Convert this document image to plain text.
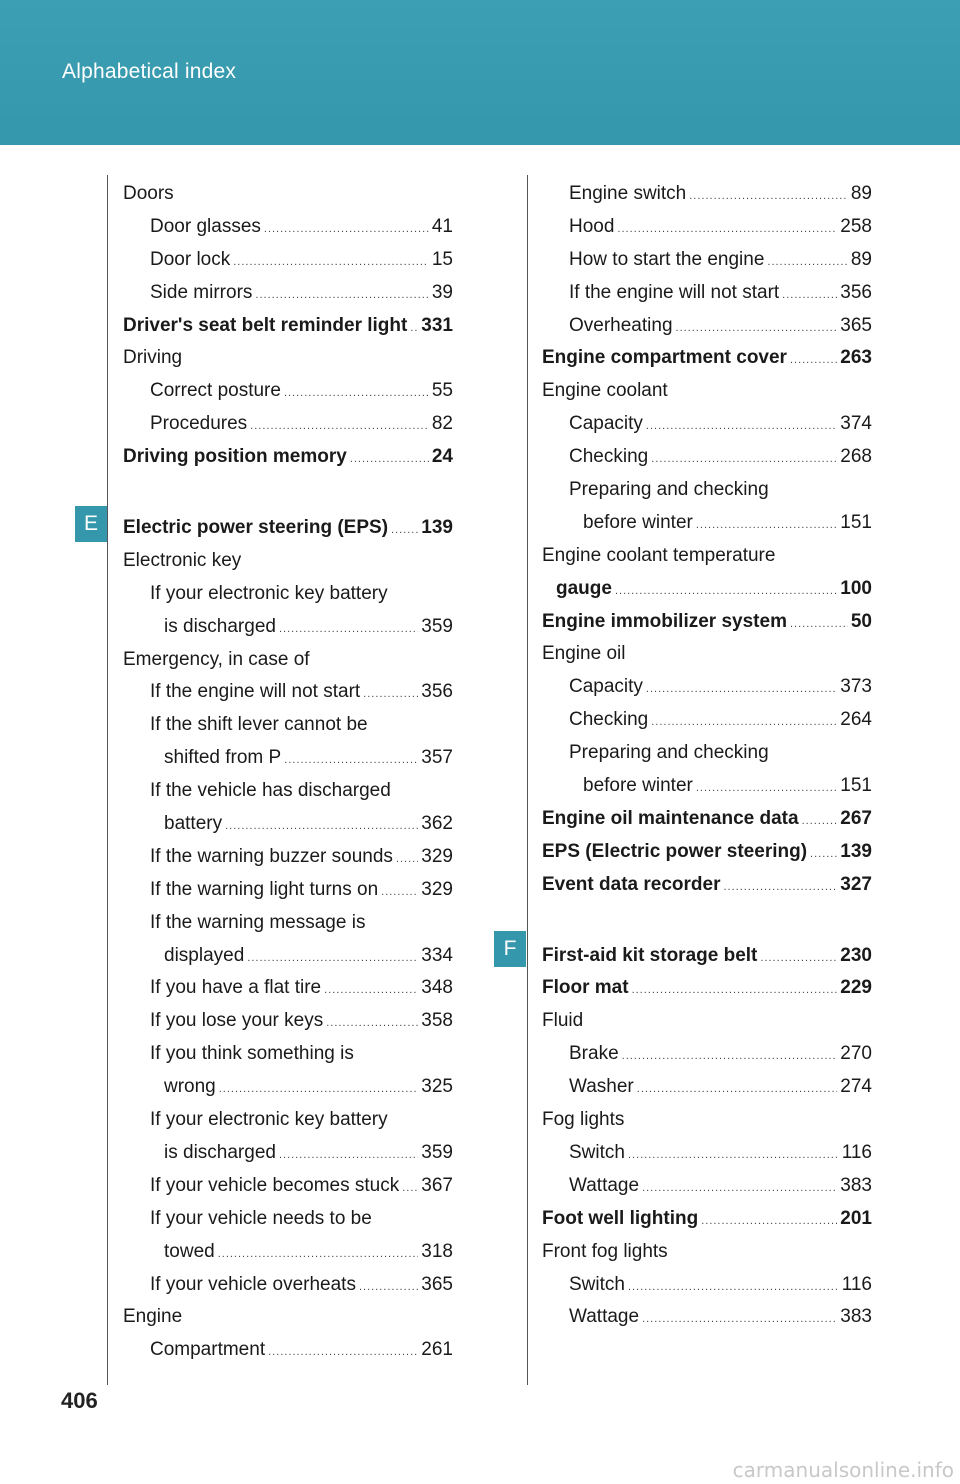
Alphabetical index
E
F
Doors
Door glasses .....	41
Door lock .....	15
Side mirrors .....	39
Driver's seat belt reminder light ..... 331
Driving
Correct posture .....	55
Procedures .....	82
Driving position memory .....	24
Electric power steering (EPS) ..... 139
Electronic key
If your electronic key battery
is discharged .....	359
Emergency, in case of
If the engine will not start .....	356
If the shift lever cannot be
shifted from P .....	357
If the vehicle has discharged
battery .....	362
If the warning buzzer sounds ..... 329
If the warning light turns on ..... 329
If the warning message is
displayed .....	334
If you have a flat tire .....	348
If you lose your keys .....	358
If you think something is
wrong .....	325
If your electronic key battery
is discharged .....	359
If your vehicle becomes stuck ..... 367
If your vehicle needs to be
towed .....	318
If your vehicle overheats .....	365
Engine
Compartment .....	261
Engine switch .....	89
Hood .....	258
How to start the engine .....	89
If the engine will not start .....	356
Overheating .....	365
Engine compartment cover .....	263
Engine coolant
Capacity .....	374
Checking .....	268
Preparing and checking
before winter .....	151
Engine coolant temperature
gauge .....	100
Engine immobilizer system .....	50
Engine oil
Capacity .....	373
Checking .....	264
Preparing and checking
before winter .....	151
Engine oil maintenance data ..... 267
EPS (Electric power steering) ..... 139
Event data recorder .....	327
First-aid kit storage belt .....	230
Floor mat .....	229
Fluid
Brake .....	270
Washer .....	274
Fog lights
Switch .....	116
Wattage .....	383
Foot well lighting .....	201
Front fog lights
Switch .....	116
Wattage .....	383
406
carmanualsonline.info
